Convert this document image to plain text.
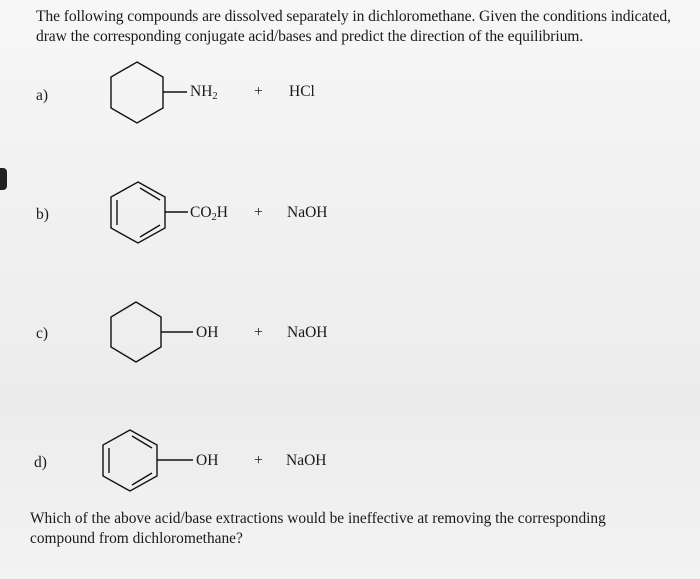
The following compounds are dissolved separately in dichloromethane. Given the conditions indicated,
draw the corresponding conjugate acid/bases and predict the direction of the equilibrium.
a)	$NH_2$ + HCl
b)	$CO_2H$ + NaOH
c)	OH + NaOH
d)	OH + NaOH
Which of the above acid/base extractions would be ineffective at removing the corresponding
compound from dichloromethane?
